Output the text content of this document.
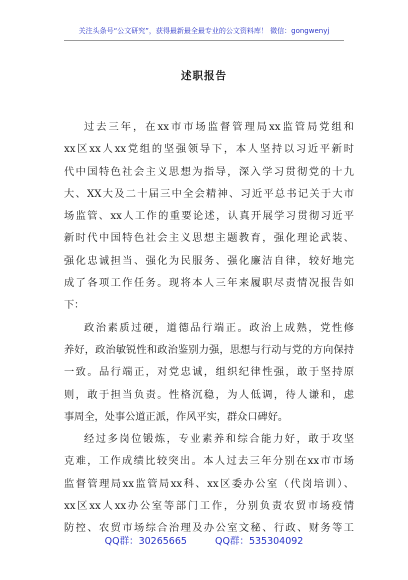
关注头条号“公文研究”，获得最新最全最专业的公文资料库！ 微信：gongwenyj
述职报告
过去三年，在xx市市场监督管理局xx监管局党组和
xx区xx人xx党组的坚强领导下，本人坚持以习近平新时
代中国特色社会主义思想为指导，深入学习贯彻党的十九
大、XX大及二十届三中全会精神、习近平总书记关于大市
场监管、xx人工作的重要论述，认真开展学习贯彻习近平
新时代中国特色社会主义思想主题教育，强化理论武装、
强化忠诚担当、强化为民服务、强化廉洁自律，较好地完
成了各项工作任务。现将本人三年来履职尽责情况报告如
下：
政治素质过硬，道德品行端正。政治上成熟，党性修
养好，政治敏锐性和政治鉴别力强，思想与行动与党的方向保持
一致。品行端正，对党忠诚，组织纪律性强，敢于坚持原
则，敢于担当负责。性格沉稳，为人低调，待人谦和，虑
事周全，处事公道正派，作风平实，群众口碑好。
经过多岗位锻炼，专业素养和综合能力好，敢于攻坚
克难，工作成绩比较突出。本人过去三年分别在xx市市场
监督管理局xx监管局xx科、xx区委办公室（代岗培训）、
xx区xx人xx办公室等部门工作，分别负责农贸市场疫情
防控、农贸市场综合治理及办公室文秘、行政、财务等工
QQ群：30265665	QQ群：535304092
